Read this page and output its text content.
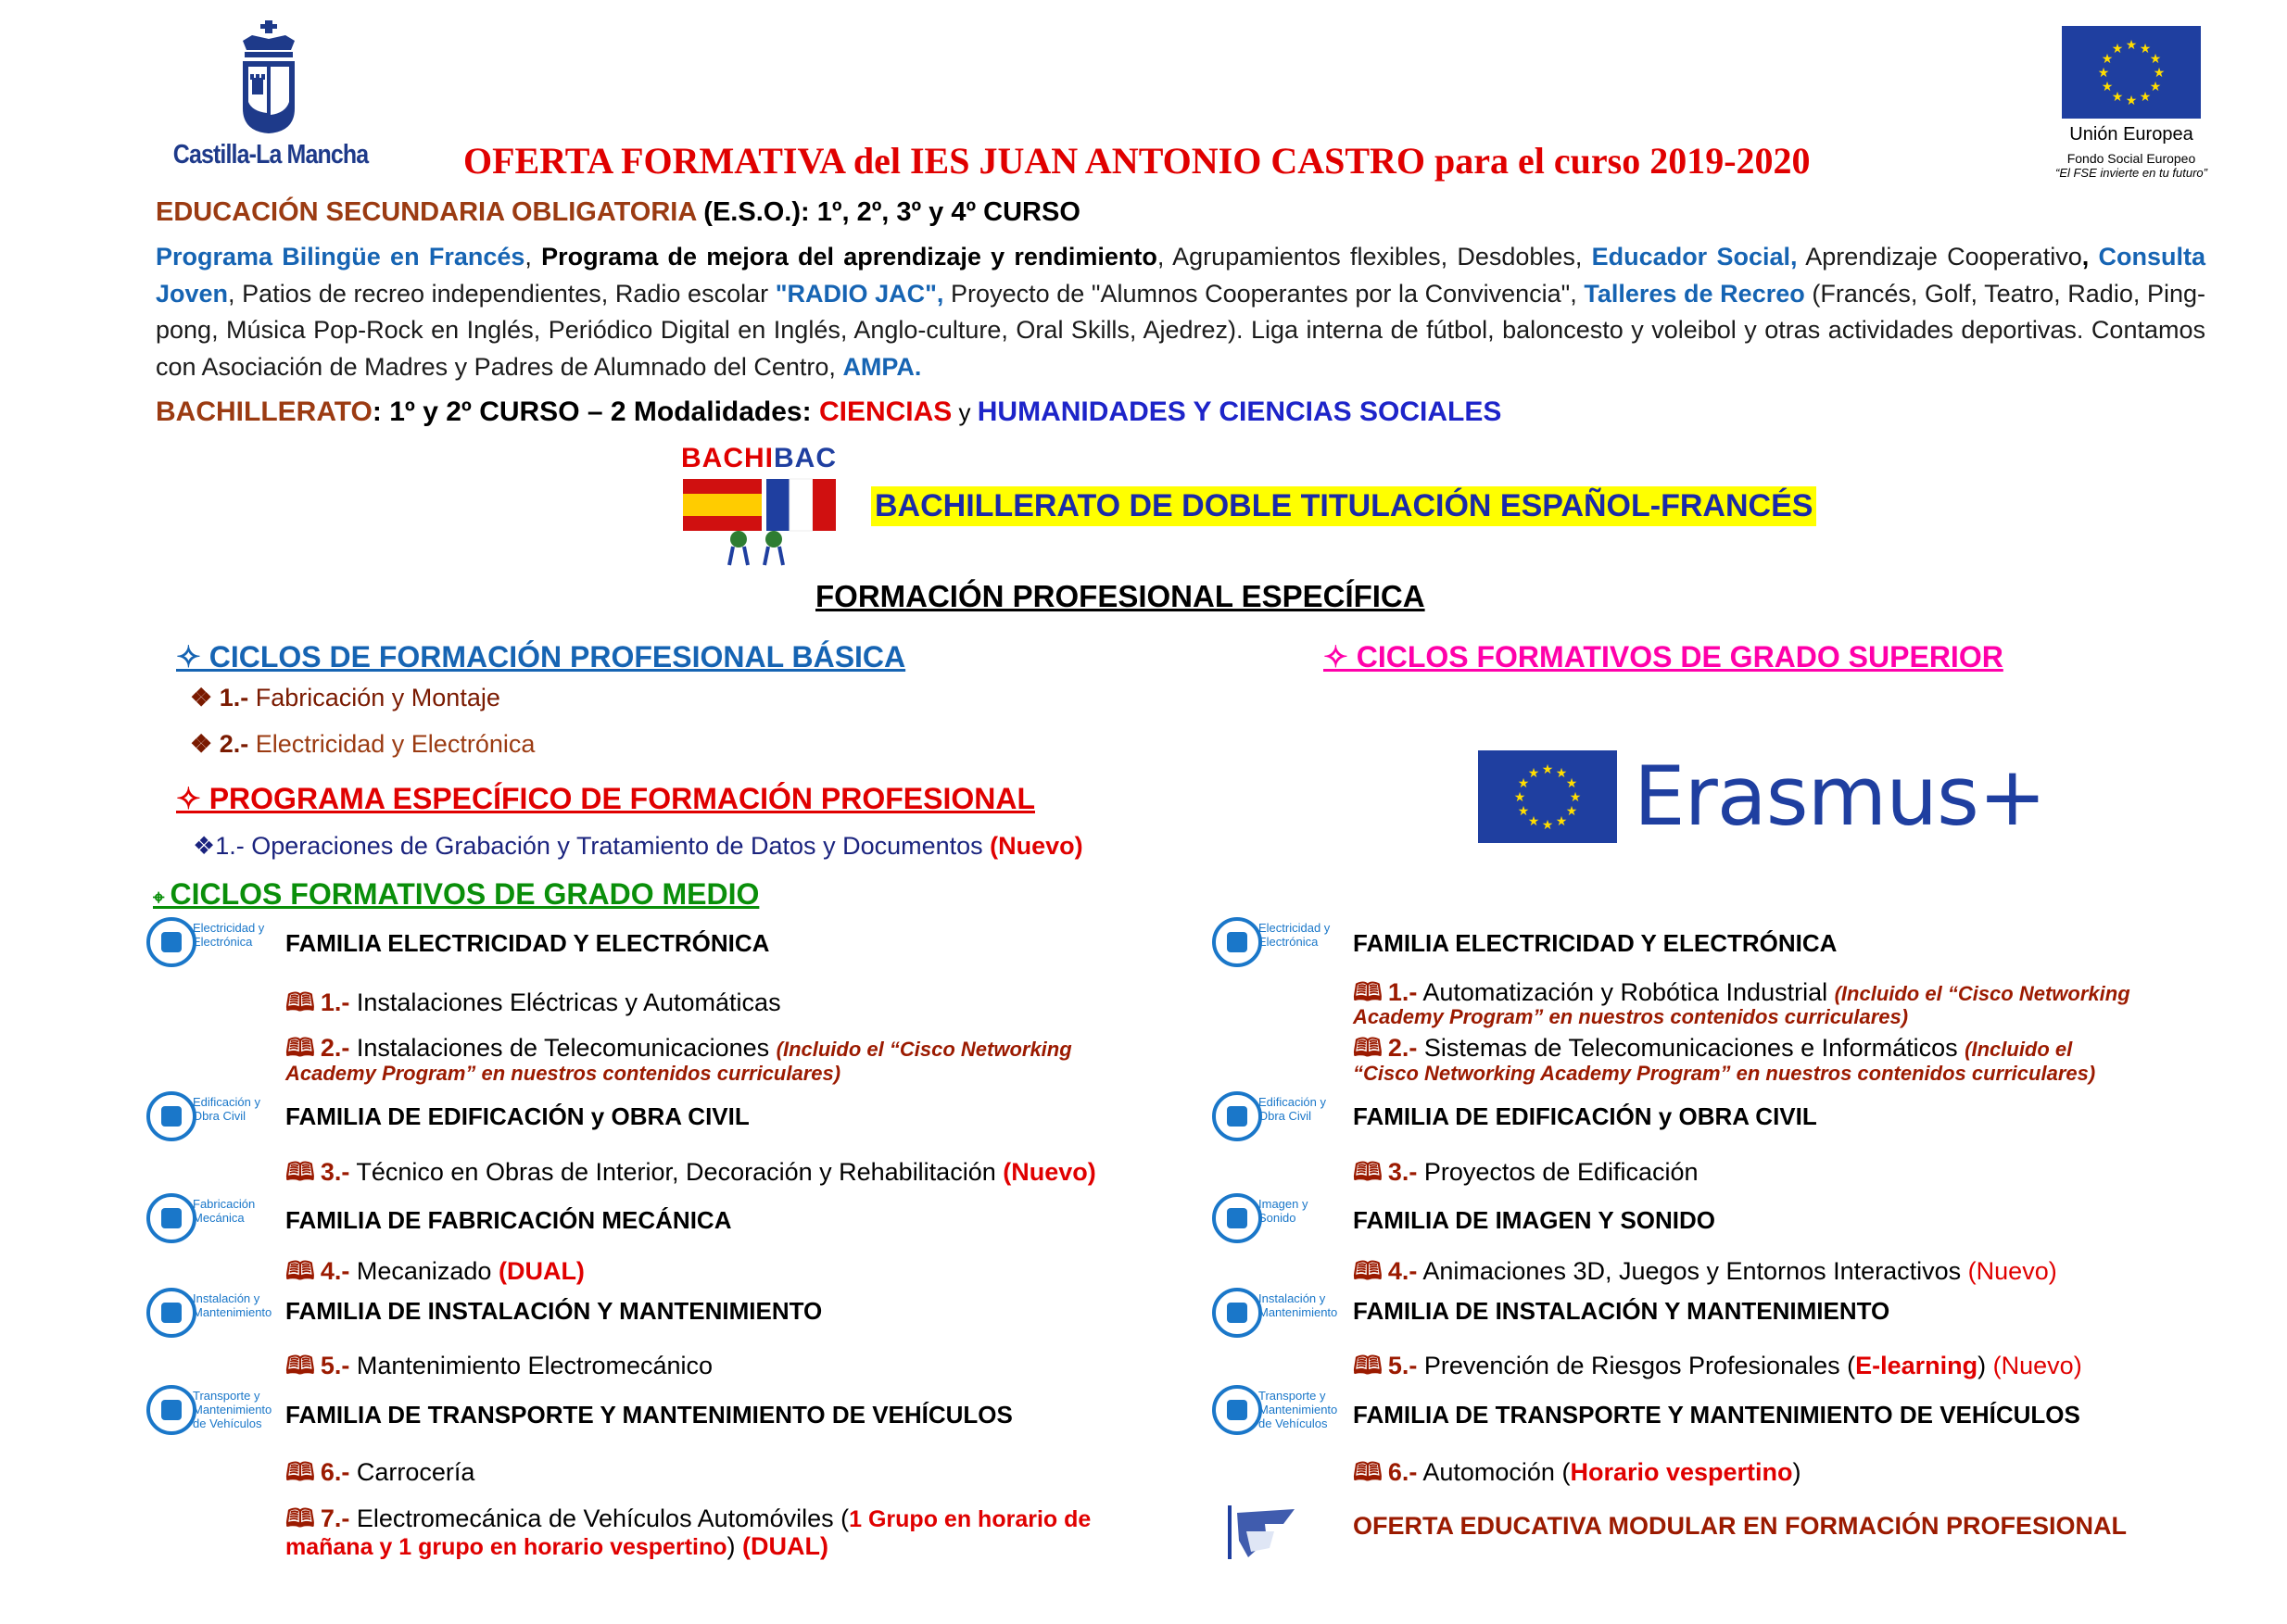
Castilla-La Mancha	OFERTA FORMATIVA del IES JUAN ANTONIO CASTRO para el curso 2019-2020
★ ★
★
★
★
★
★
★
★
★
★
★
Unión Europea
Fondo Social Europeo
“El FSE invierte en tu futuro”
EDUCACIÓN SECUNDARIA OBLIGATORIA (E.S.O.): 1º, 2º, 3º y 4º CURSO
Programa Bilingüe en Francés, Programa de mejora del aprendizaje y rendimiento, Agrupamientos flexibles, Desdobles, Educador Social, Aprendizaje Cooperativo, Consulta Joven, Patios de recreo independientes, Radio escolar "RADIO JAC", Proyecto de "Alumnos Cooperantes por la Convivencia", Talleres de Recreo (Francés, Golf, Teatro, Radio, Ping-pong, Música Pop-Rock en Inglés, Periódico Digital en Inglés, Anglo-culture, Oral Skills, Ajedrez). Liga interna de fútbol, baloncesto y voleibol y otras actividades deportivas. Contamos con Asociación de Madres y Padres de Alumnado del Centro, AMPA.
BACHILLERATO: 1º y 2º CURSO – 2 Modalidades: CIENCIAS y HUMANIDADES Y CIENCIAS SOCIALES
BACHIBAC
BACHILLERATO DE DOBLE TITULACIÓN ESPAÑOL-FRANCÉS
FORMACIÓN PROFESIONAL ESPECÍFICA
✧ CICLOS DE FORMACIÓN PROFESIONAL BÁSICA	✧ CICLOS FORMATIVOS DE GRADO SUPERIOR
❖ 1.- Fabricación y Montaje
❖ 2.- Electricidad y Electrónica
✧ PROGRAMA ESPECÍFICO DE FORMACIÓN PROFESIONAL
❖1.- Operaciones de Grabación y Tratamiento de Datos y Documentos (Nuevo)
⌖ CICLOS FORMATIVOS DE GRADO MEDIO
★ ★
★
★
★
★
★
★
★
★
★
★ Erasmus+
Electricidad y Electrónica	FAMILIA ELECTRICIDAD Y ELECTRÓNICA
🕮 1.- Instalaciones Eléctricas y Automáticas
🕮 2.- Instalaciones de Telecomunicaciones (Incluido el “Cisco Networking
Academy Program” en nuestros contenidos curriculares)
Edificación y Obra Civil	FAMILIA DE EDIFICACIÓN y OBRA CIVIL
🕮 3.- Técnico en Obras de Interior, Decoración y Rehabilitación (Nuevo)
Fabricación Mecánica	FAMILIA DE FABRICACIÓN MECÁNICA
🕮 4.- Mecanizado (DUAL)
Instalación y Mantenimiento FAMILIA DE INSTALACIÓN Y MANTENIMIENTO
🕮 5.- Mantenimiento Electromecánico
Transporte y Mantenimiento de Vehículos FAMILIA DE TRANSPORTE Y MANTENIMIENTO DE VEHÍCULOS
🕮 6.- Carrocería
🕮 7.- Electromecánica de Vehículos Automóviles (1 Grupo en horario de
mañana y 1 grupo en horario vespertino) (DUAL)
Electricidad y Electrónica	FAMILIA ELECTRICIDAD Y ELECTRÓNICA
🕮 1.- Automatización y Robótica Industrial (Incluido el “Cisco Networking
Academy Program” en nuestros contenidos curriculares)
🕮 2.- Sistemas de Telecomunicaciones e Informáticos (Incluido el
“Cisco Networking Academy Program” en nuestros contenidos curriculares)
Edificación y Obra Civil	FAMILIA DE EDIFICACIÓN y OBRA CIVIL
🕮 3.- Proyectos de Edificación
Imagen y Sonido	FAMILIA DE IMAGEN Y SONIDO
🕮 4.- Animaciones 3D, Juegos y Entornos Interactivos (Nuevo)
Instalación y Mantenimiento FAMILIA DE INSTALACIÓN Y MANTENIMIENTO
🕮 5.- Prevención de Riesgos Profesionales (E-learning) (Nuevo)
Transporte y Mantenimiento de Vehículos FAMILIA DE TRANSPORTE Y MANTENIMIENTO DE VEHÍCULOS
🕮 6.- Automoción (Horario vespertino)
OFERTA EDUCATIVA MODULAR EN FORMACIÓN PROFESIONAL
